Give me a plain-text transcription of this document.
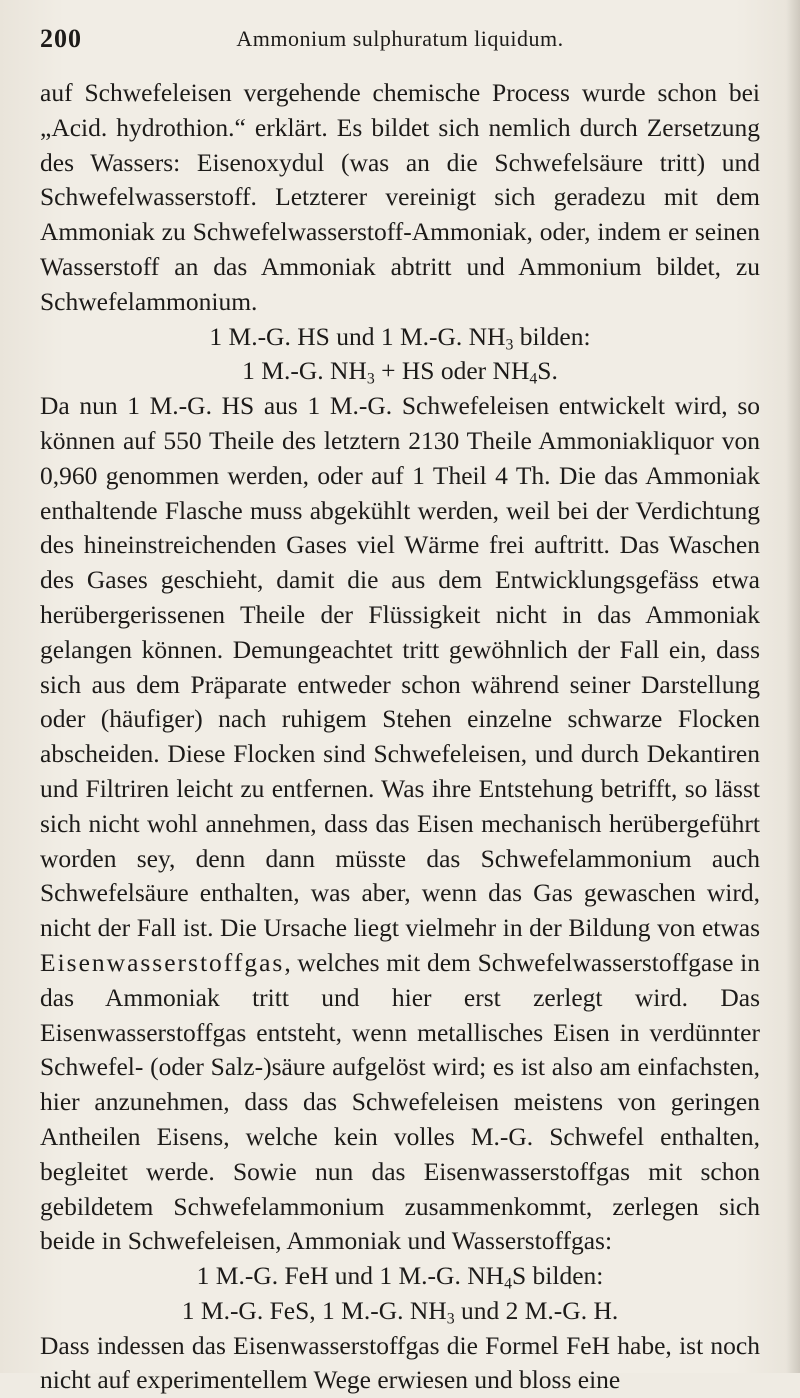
200	Ammonium sulphuratum liquidum.

auf Schwefeleisen vergehende chemische Process wurde schon bei „Acid. hydrothion.“ erklärt. Es bildet sich nemlich durch Zersetzung des Wassers: Eisenoxydul (was an die Schwefelsäure tritt) und Schwefelwasserstoff. Letzterer vereinigt sich geradezu mit dem Ammoniak zu Schwefelwasserstoff-Ammoniak, oder, indem er seinen Wasserstoff an das Ammoniak abtritt und Ammonium bildet, zu Schwefelammonium.

1 M.-G. HS und 1 M.-G. $NH_3$ bilden:

1 M.-G. $NH_3$ + HS oder $NH_4S$.

Da nun 1 M.-G. HS aus 1 M.-G. Schwefeleisen entwickelt wird, so können auf 550 Theile des letztern 2130 Theile Ammoniakliquor von 0,960 genommen werden, oder auf 1 Theil 4 Th. Die das Ammoniak enthaltende Flasche muss abgekühlt werden, weil bei der Verdichtung des hineinstreichenden Gases viel Wärme frei auftritt. Das Waschen des Gases geschieht, damit die aus dem Entwicklungsgefäss etwa herübergerissenen Theile der Flüssigkeit nicht in das Ammoniak gelangen können. Demungeachtet tritt gewöhnlich der Fall ein, dass sich aus dem Präparate entweder schon während seiner Darstellung oder (häufiger) nach ruhigem Stehen einzelne schwarze Flocken abscheiden. Diese Flocken sind Schwefeleisen, und durch Dekantiren und Filtriren leicht zu entfernen. Was ihre Entstehung betrifft, so lässt sich nicht wohl annehmen, dass das Eisen mechanisch herübergeführt worden sey, denn dann müsste das Schwefelammonium auch Schwefelsäure enthalten, was aber, wenn das Gas gewaschen wird, nicht der Fall ist. Die Ursache liegt vielmehr in der Bildung von etwas Eisenwasserstoffgas, welches mit dem Schwefelwasserstoffgase in das Ammoniak tritt und hier erst zerlegt wird. Das Eisenwasserstoffgas entsteht, wenn metallisches Eisen in verdünnter Schwefel- (oder Salz-)säure aufgelöst wird; es ist also am einfachsten, hier anzunehmen, dass das Schwefeleisen meistens von geringen Antheilen Eisens, welche kein volles M.-G. Schwefel enthalten, begleitet werde. Sowie nun das Eisenwasserstoffgas mit schon gebildetem Schwefelammonium zusammenkommt, zerlegen sich beide in Schwefeleisen, Ammoniak und Wasserstoffgas:

1 M.-G. FeH und 1 M.-G. $NH_4S$ bilden:

1 M.-G. FeS, 1 M.-G. $NH_3$ und 2 M.-G. H.

Dass indessen das Eisenwasserstoffgas die Formel FeH habe, ist noch nicht auf experimentellem Wege erwiesen und bloss eine
